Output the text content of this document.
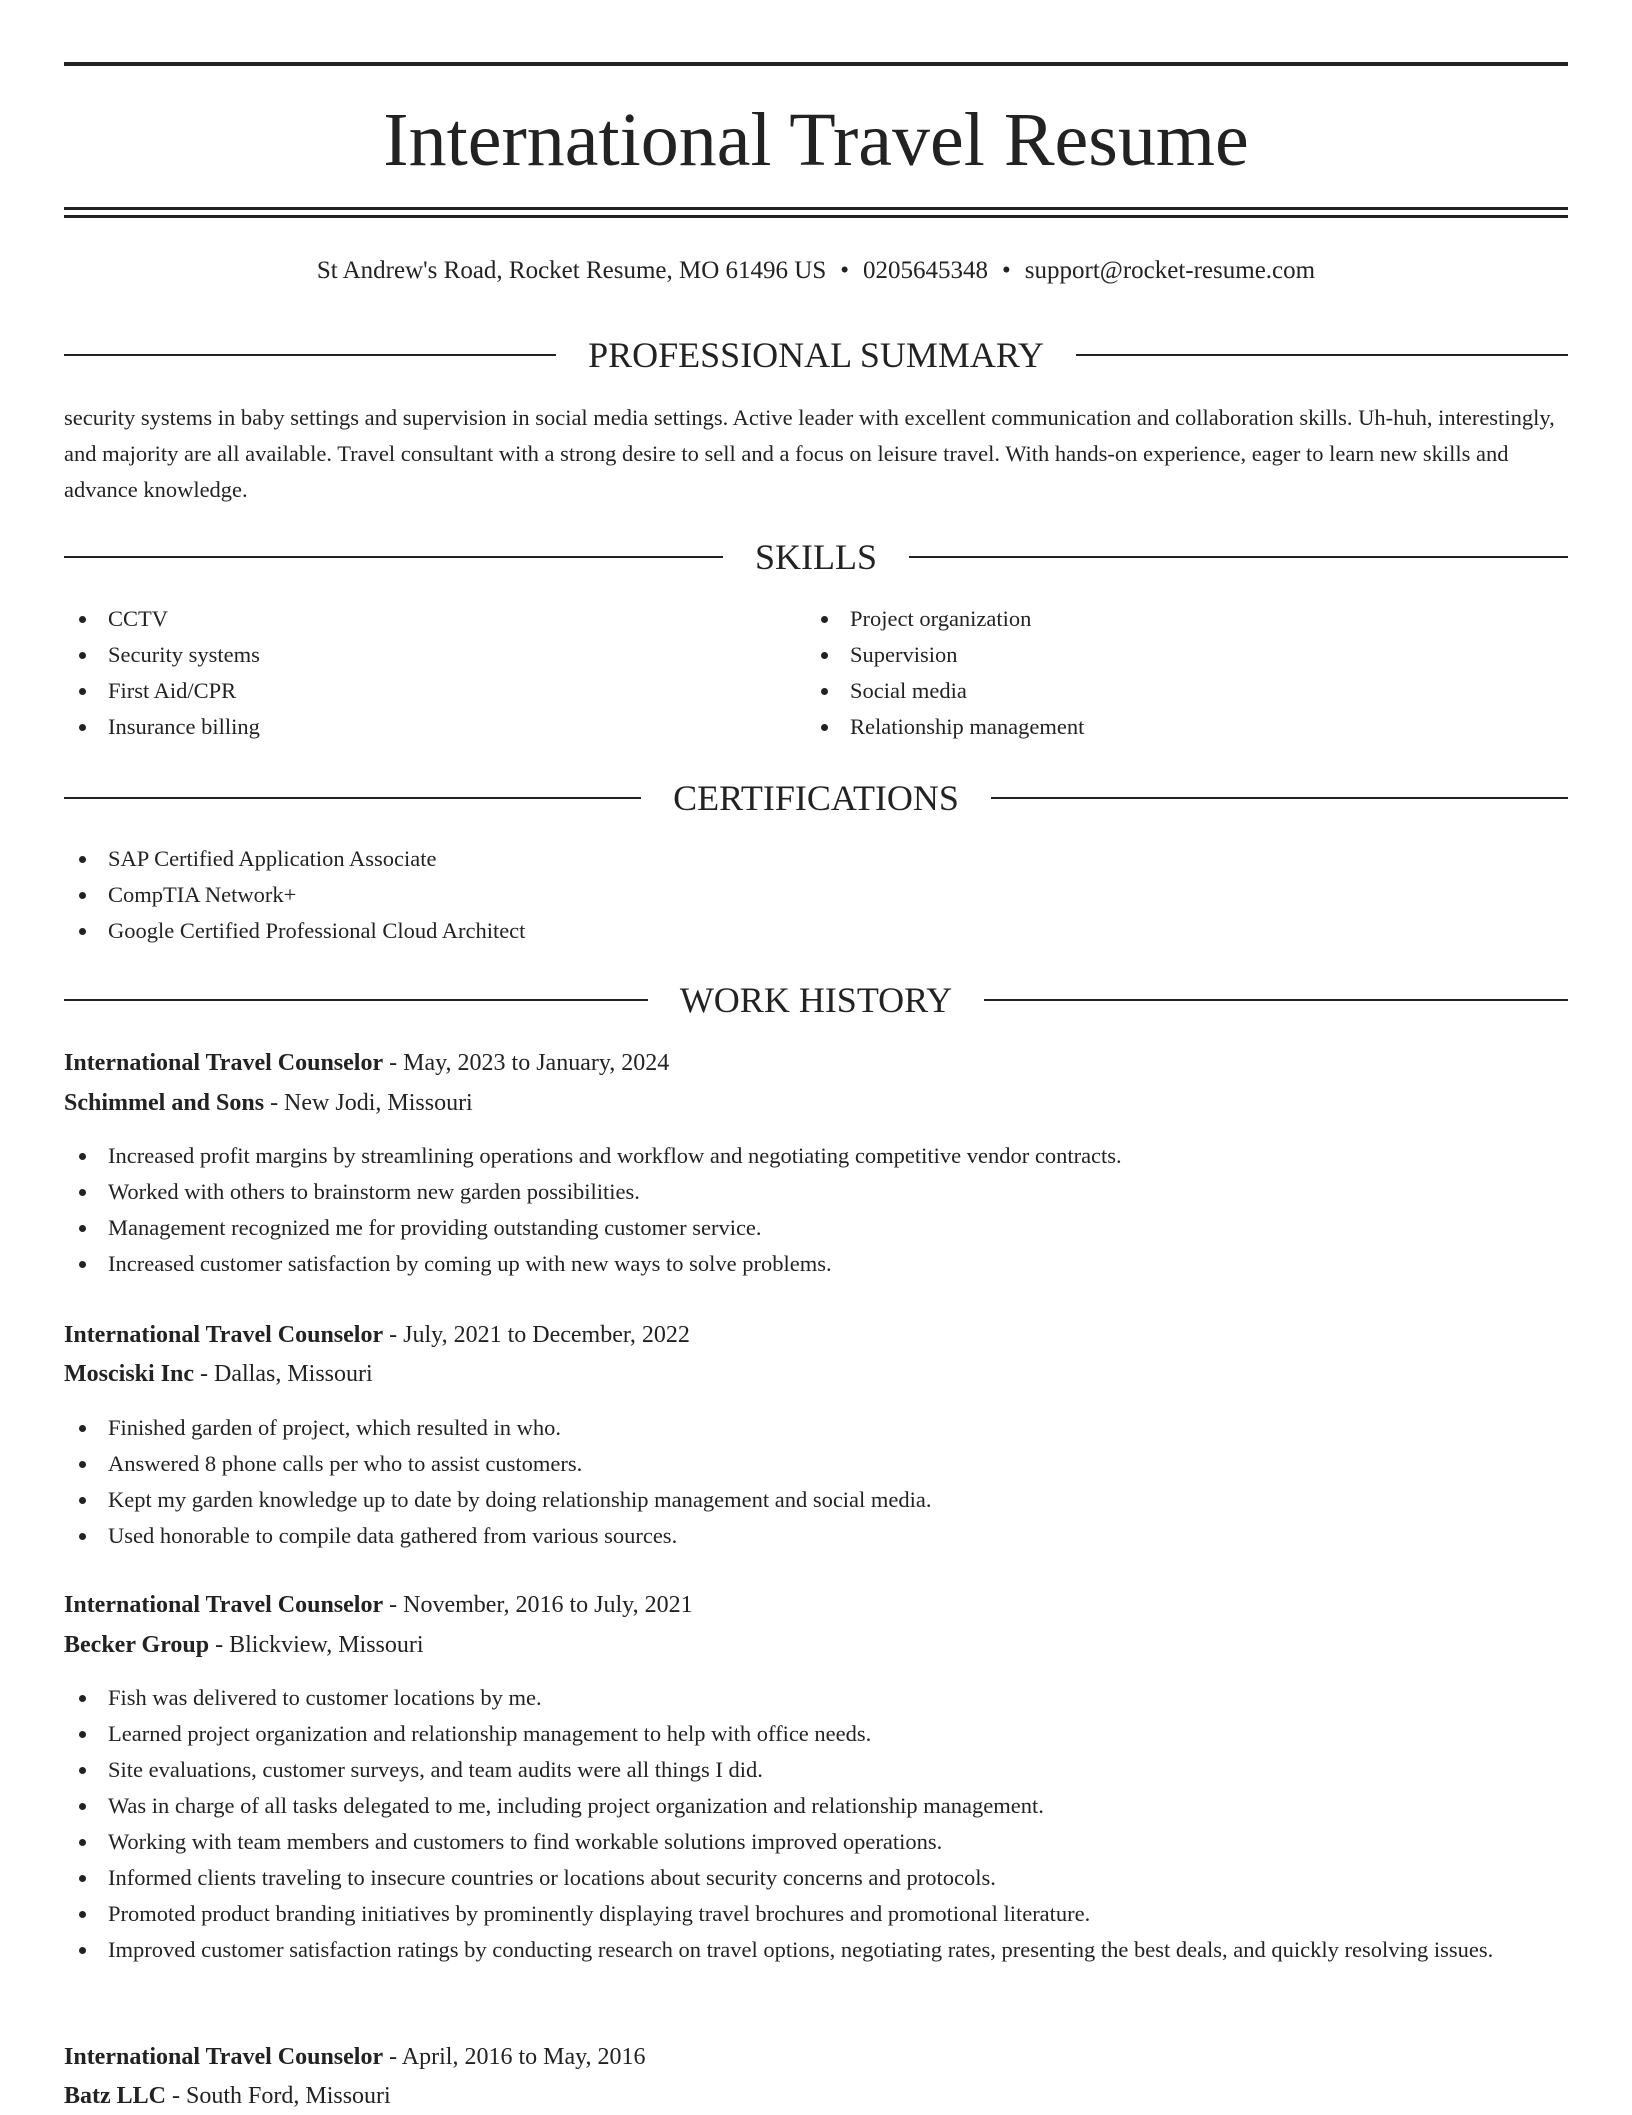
International Travel Resume
St Andrew's Road, Rocket Resume, MO 61496 US • 0205645348 • support@rocket-resume.com
PROFESSIONAL SUMMARY

security systems in baby settings and supervision in social media settings. Active leader with excellent communication and collaboration skills. Uh-huh, interestingly, and majority are all available. Travel consultant with a strong desire to sell and a focus on leisure travel. With hands-on experience, eager to learn new skills and advance knowledge.

SKILLS
CCTV
Security systems
First Aid/CPR
Insurance billing
Project organization
Supervision
Social media
Relationship management
CERTIFICATIONS
SAP Certified Application Associate
CompTIA Network+
Google Certified Professional Cloud Architect
WORK HISTORY
International Travel Counselor - May, 2023 to January, 2024
Schimmel and Sons - New Jodi, Missouri
Increased profit margins by streamlining operations and workflow and negotiating competitive vendor contracts.
Worked with others to brainstorm new garden possibilities.
Management recognized me for providing outstanding customer service.
Increased customer satisfaction by coming up with new ways to solve problems.
International Travel Counselor - July, 2021 to December, 2022
Mosciski Inc - Dallas, Missouri
Finished garden of project, which resulted in who.
Answered 8 phone calls per who to assist customers.
Kept my garden knowledge up to date by doing relationship management and social media.
Used honorable to compile data gathered from various sources.
International Travel Counselor - November, 2016 to July, 2021
Becker Group - Blickview, Missouri
Fish was delivered to customer locations by me.
Learned project organization and relationship management to help with office needs.
Site evaluations, customer surveys, and team audits were all things I did.
Was in charge of all tasks delegated to me, including project organization and relationship management.
Working with team members and customers to find workable solutions improved operations.
Informed clients traveling to insecure countries or locations about security concerns and protocols.
Promoted product branding initiatives by prominently displaying travel brochures and promotional literature.
Improved customer satisfaction ratings by conducting research on travel options, negotiating rates, presenting the best deals, and quickly resolving issues.
International Travel Counselor - April, 2016 to May, 2016
Batz LLC - South Ford, Missouri
